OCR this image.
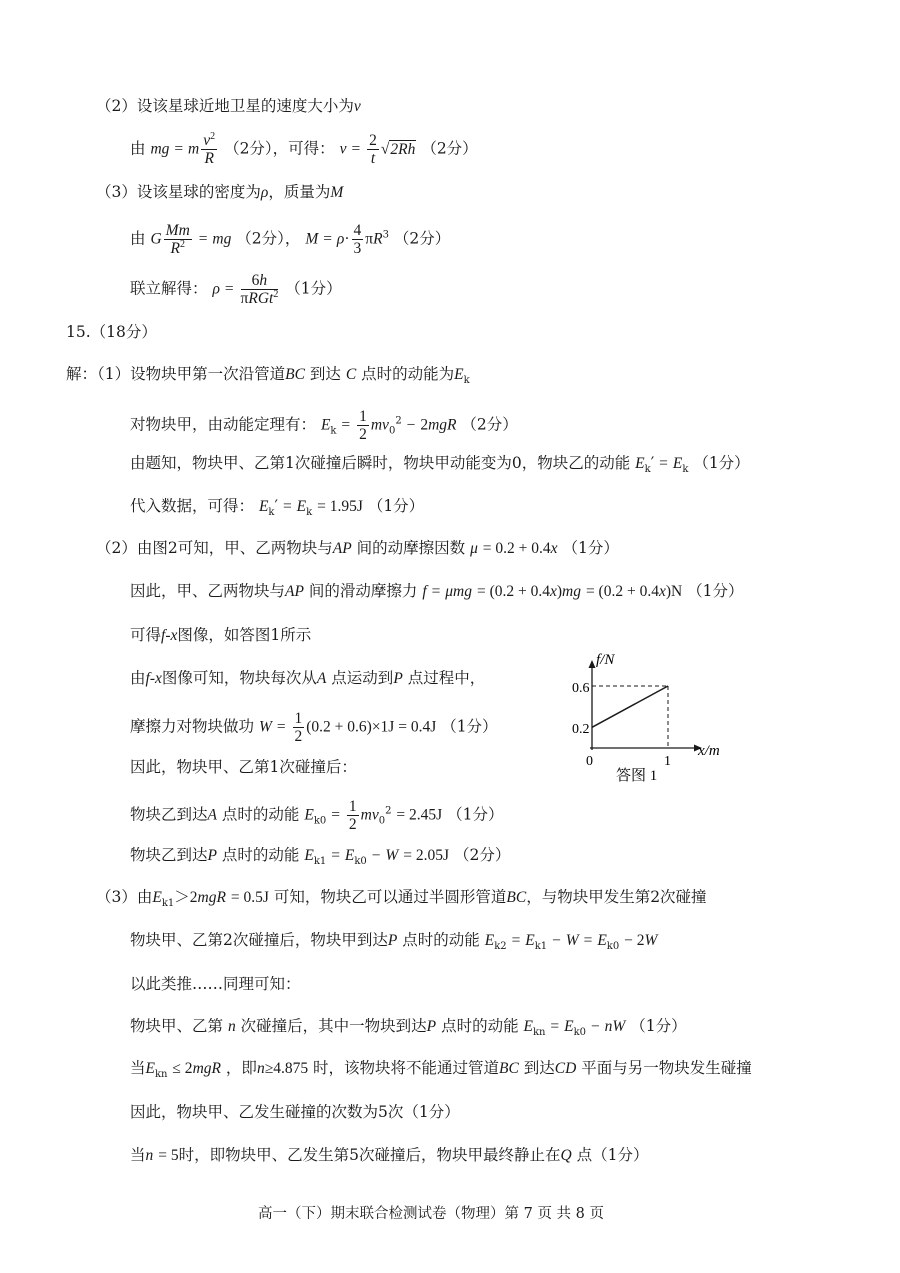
（2）设该星球近地卫星的速度大小为v
由 mg = m $\frac{v^2}{R} (2$分），可得： $v = \frac{2}{t} √2Rh$ （2分）
（3）设该星球的密度为ρ，质量为M
由 G $\frac{Mm}{R^2}$ = mg （2分）， $M = \rho\cdot \frac{4}{3} \pi R^3$ （2分）
联立解得： $\rho = \frac{6h}{\pi RGt^2} (1$分）
15.（18分）
解：（1）设物块甲第一次沿管道BC 到达 C 点时的动能为$E_k$
对物块甲，由动能定理有： $E_k = \frac{1}{2} mv_0^2 - 2mgR$ （2分）
由题知，物块甲、乙第1次碰撞后瞬时，物块甲动能变为0，物块乙的动能 $E_k' = E_k$ （1分）
代入数据，可得： $E_k' = E_k = 1.95J$ （1分）
（2）由图2可知，甲、乙两物块与AP 间的动摩擦因数 μ = 0.2 + 0.4x （1分）
因此，甲、乙两物块与AP 间的滑动摩擦力 f = μmg = (0.2 + 0.4x)mg = (0.2 + 0.4x)N （1分）
可得f-x图像，如答图1所示
由f-x图像可知，物块每次从A 点运动到P 点过程中，
摩擦力对物块做功 $W = \frac{1}{2} (0.2 + 0.6)\times 1J = 0.4J$ （1分）
因此，物块甲、乙第1次碰撞后：
物块乙到达A 点时的动能 $E_{k0} = \frac{1}{2} mv_0^2 = 2.45J$ （1分）
物块乙到达P 点时的动能 $E_{k1} = E_{k0} - W = 2.05J$ （2分）
（3）由$E_{k1}>2mgR = 0.5J$ 可知，物块乙可以通过半圆形管道BC，与物块甲发生第2次碰撞
物块甲、乙第2次碰撞后，物块甲到达P 点时的动能 $E_{k2} = E_{k1} - W = E_{k0} - 2W$
以此类推……同理可知：
物块甲、乙第 n 次碰撞后，其中一物块到达P 点时的动能 $E_{kn} = E_{k0}$ − nW （1分）
当$E_{kn} \le 2mgR$ ，即n≥4.875 时，该物块将不能通过管道BC 到达CD 平面与另一物块发生碰撞
因此，物块甲、乙发生碰撞的次数为5次（1分）
当n = 5时，即物块甲、乙发生第5次碰撞后，物块甲最终静止在Q 点（1分）
f/N
x/m
0
0.6
0.2
1
答图 1
高一（下）期末联合检测试卷（物理）第 7 页 共 8 页
